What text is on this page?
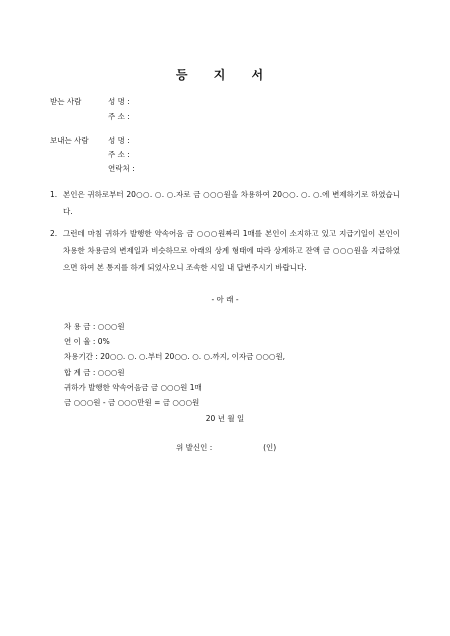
등 지 서
받는 사람	성 명 :
주 소 :
보내는 사람	성 명 :
주 소 :
연락처 :
1. 본인은 귀하로부터 20○○. ○. ○.자로 금 ○○○원을 차용하여 20○○. ○. ○.에 변제하기로 하였습니다.
2. 그런데 마침 귀하가 발행한 약속어음 금 ○○○원짜리 1매를 본인이 소지하고 있고 지급기일이 본인이 차용한 차용금의 변제일과 비슷하므로 아래의 상계 형태에 따라 상계하고 잔액 금 ○○○원을 지급하였으면 하여 본 통지를 하게 되었사오니 조속한 시일 내 답변주시기 바랍니다.
- 아 래 -
차 용 금 : ○○○원
연 이 율 : 0%
차용기간 : 20○○. ○. ○.부터 20○○. ○. ○.까지, 이자금 ○○○원,
합 계 금 : ○○○원
귀하가 발행한 약속어음금 금 ○○○원 1매
금 ○○○원 - 금 ○○○만원 = 금 ○○○원
20 년 월 일
위 발신인 :	(인)
